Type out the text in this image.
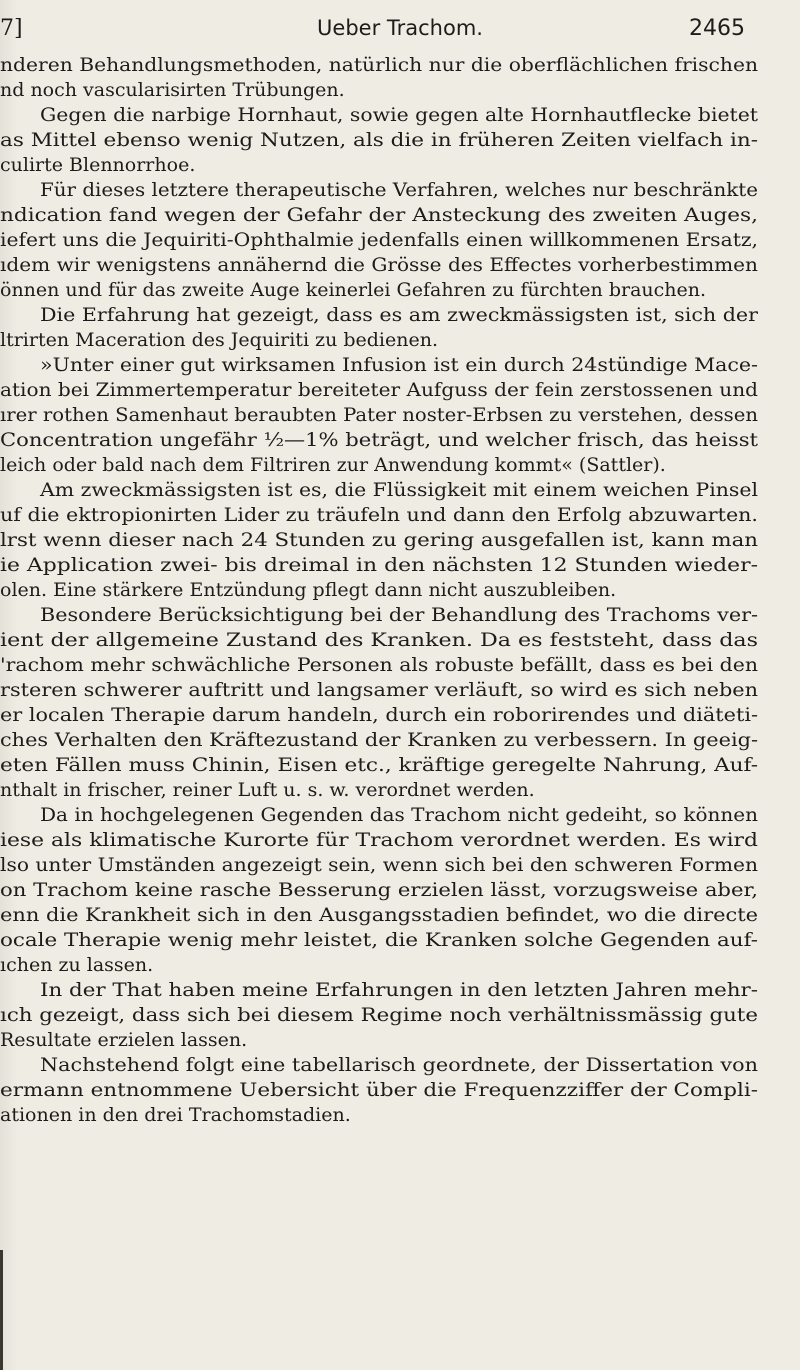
7]	Ueber Trachom.	2465
nderen Behandlungsmethoden, natürlich nur die oberflächlichen frischen
nd noch vascularisirten Trübungen.
Gegen die narbige Hornhaut, sowie gegen alte Hornhautflecke bietet
as Mittel ebenso wenig Nutzen, als die in früheren Zeiten vielfach in-
culirte Blennorrhoe.
Für dieses letztere therapeutische Verfahren, welches nur beschränkte
ndication fand wegen der Gefahr der Ansteckung des zweiten Auges,
iefert uns die Jequiriti-Ophthalmie jedenfalls einen willkommenen Ersatz,
ıdem wir wenigstens annähernd die Grösse des Effectes vorherbestimmen
önnen und für das zweite Auge keinerlei Gefahren zu fürchten brauchen.
Die Erfahrung hat gezeigt, dass es am zweckmässigsten ist, sich der
ltrirten Maceration des Jequiriti zu bedienen.
»Unter einer gut wirksamen Infusion ist ein durch 24stündige Mace-
ation bei Zimmertemperatur bereiteter Aufguss der fein zerstossenen und
ırer rothen Samenhaut beraubten Pater noster-Erbsen zu verstehen, dessen
Concentration ungefähr ½—1% beträgt, und welcher frisch, das heisst
leich oder bald nach dem Filtriren zur Anwendung kommt« (Sattler).
Am zweckmässigsten ist es, die Flüssigkeit mit einem weichen Pinsel
uf die ektropionirten Lider zu träufeln und dann den Erfolg abzuwarten.
lrst wenn dieser nach 24 Stunden zu gering ausgefallen ist, kann man
ie Application zwei- bis dreimal in den nächsten 12 Stunden wieder-
olen. Eine stärkere Entzündung pflegt dann nicht auszubleiben.
Besondere Berücksichtigung bei der Behandlung des Trachoms ver-
ient der allgemeine Zustand des Kranken. Da es feststeht, dass das
'rachom mehr schwächliche Personen als robuste befällt, dass es bei den
rsteren schwerer auftritt und langsamer verläuft, so wird es sich neben
er localen Therapie darum handeln, durch ein roborirendes und diäteti-
ches Verhalten den Kräftezustand der Kranken zu verbessern. In geeig-
eten Fällen muss Chinin, Eisen etc., kräftige geregelte Nahrung, Auf-
nthalt in frischer, reiner Luft u. s. w. verordnet werden.
Da in hochgelegenen Gegenden das Trachom nicht gedeiht, so können
iese als klimatische Kurorte für Trachom verordnet werden. Es wird
lso unter Umständen angezeigt sein, wenn sich bei den schweren Formen
on Trachom keine rasche Besserung erzielen lässt, vorzugsweise aber,
enn die Krankheit sich in den Ausgangsstadien befindet, wo die directe
ocale Therapie wenig mehr leistet, die Kranken solche Gegenden auf-
ıchen zu lassen.
In der That haben meine Erfahrungen in den letzten Jahren mehr-
ıch gezeigt, dass sich bei diesem Regime noch verhältnissmässig gute
Resultate erzielen lassen.
Nachstehend folgt eine tabellarisch geordnete, der Dissertation von
ermann entnommene Uebersicht über die Frequenzziffer der Compli-
ationen in den drei Trachomstadien.
